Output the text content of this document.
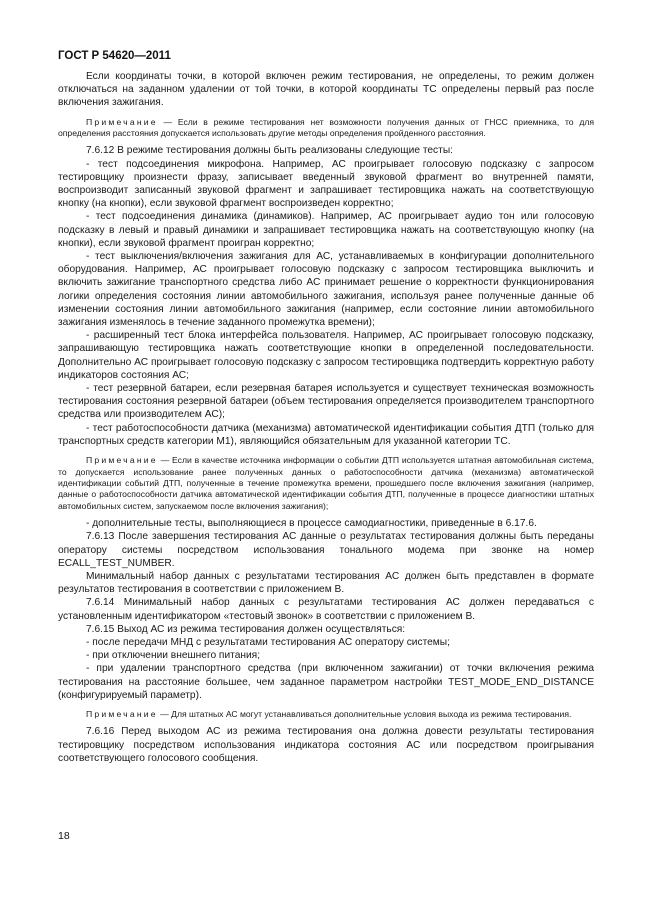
ГОСТ Р 54620—2011

Если координаты точки, в которой включен режим тестирования, не определены, то режим должен отключаться на заданном удалении от той точки, в которой координаты ТС определены первый раз после включения зажигания.

Примечание — Если в режиме тестирования нет возможности получения данных от ГНСС приемника, то для определения расстояния допускается использовать другие методы определения пройденного расстояния.

7.6.12 В режиме тестирования должны быть реализованы следующие тесты:

- тест подсоединения микрофона. Например, АС проигрывает голосовую подсказку с запросом тестировщику произнести фразу, записывает введенный звуковой фрагмент во внутренней памяти, воспроизводит записанный звуковой фрагмент и запрашивает тестировщика нажать на соответствующую кнопку (на кнопки), если звуковой фрагмент воспроизведен корректно;

- тест подсоединения динамика (динамиков). Например, АС проигрывает аудио тон или голосовую подсказку в левый и правый динамики и запрашивает тестировщика нажать на соответствующую кнопку (на кнопки), если звуковой фрагмент проигран корректно;

- тест выключения/включения зажигания для АС, устанавливаемых в конфигурации дополнительного оборудования. Например, АС проигрывает голосовую подсказку с запросом тестировщика выключить и включить зажигание транспортного средства либо АС принимает решение о корректности функционирования логики определения состояния линии автомобильного зажигания, используя ранее полученные данные об изменении состояния линии автомобильного зажигания (например, если состояние линии автомобильного зажигания изменялось в течение заданного промежутка времени);

- расширенный тест блока интерфейса пользователя. Например, АС проигрывает голосовую подсказку, запрашивающую тестировщика нажать соответствующие кнопки в определенной последовательности. Дополнительно АС проигрывает голосовую подсказку с запросом тестировщика подтвердить корректную работу индикаторов состояния АС;

- тест резервной батареи, если резервная батарея используется и существует техническая возможность тестирования состояния резервной батареи (объем тестирования определяется производителем транспортного средства или производителем АС);

- тест работоспособности датчика (механизма) автоматической идентификации события ДТП (только для транспортных средств категории М1), являющийся обязательным для указанной категории ТС.

Примечание — Если в качестве источника информации о событии ДТП используется штатная автомобильная система, то допускается использование ранее полученных данных о работоспособности датчика (механизма) автоматической идентификации событий ДТП, полученные в течение промежутка времени, прошедшего после включения зажигания (например, данные о работоспособности датчика автоматической идентификации события ДТП, полученные в процессе диагностики штатных автомобильных систем, запускаемом после включения зажигания);

- дополнительные тесты, выполняющиеся в процессе самодиагностики, приведенные в 6.17.6.

7.6.13 После завершения тестирования АС данные о результатах тестирования должны быть переданы оператору системы посредством использования тонального модема при звонке на номер ECALL_TEST_NUMBER.

Минимальный набор данных с результатами тестирования АС должен быть представлен в формате результатов тестирования в соответствии с приложением В.

7.6.14 Минимальный набор данных с результатами тестирования АС должен передаваться с установленным идентификатором «тестовый звонок» в соответствии с приложением В.

7.6.15 Выход АС из режима тестирования должен осуществляться:

- после передачи МНД с результатами тестирования АС оператору системы;

- при отключении внешнего питания;

- при удалении транспортного средства (при включенном зажигании) от точки включения режима тестирования на расстояние большее, чем заданное параметром настройки TEST_MODE_END_DISTANCE (конфигурируемый параметр).

Примечание — Для штатных АС могут устанавливаться дополнительные условия выхода из режима тестирования.

7.6.16 Перед выходом АС из режима тестирования она должна довести результаты тестирования тестировщику посредством использования индикатора состояния АС или посредством проигрывания соответствующего голосового сообщения.

18
